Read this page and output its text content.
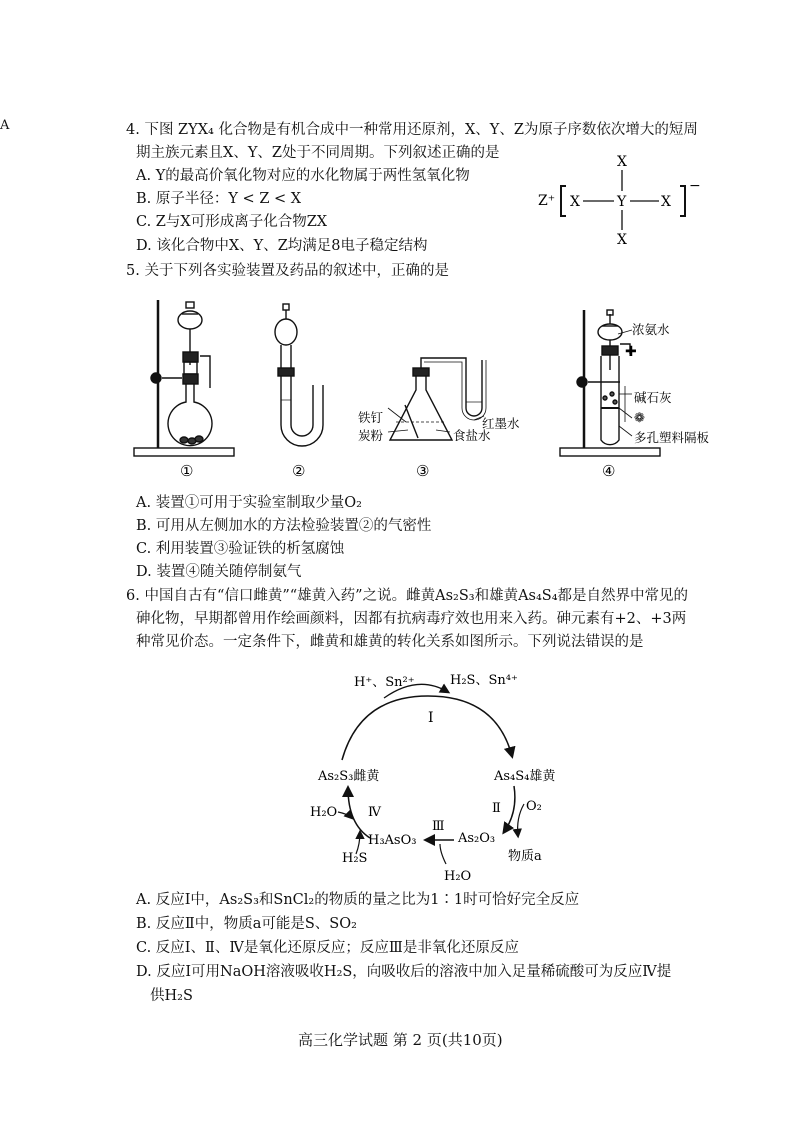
A	4. 下图 ZYX₄ 化合物是有机合成中一种常用还原剂，X、Y、Z为原子序数依次增大的短周
期主族元素且X、Y、Z处于不同周期。下列叙述正确的是
A. Y的最高价氧化物对应的水化物属于两性氢氧化物
B. 原子半径：Y < Z < X
C. Z与X可形成离子化合物ZX
D. 该化合物中X、Y、Z均满足8电子稳定结构
Z⁺
−
X
X	Y X
X
5. 关于下列各实验装置及药品的叙述中，正确的是
①	②
铁钉
炭粉	食盐水
红墨水
③
✚
❁
浓氨水
碱石灰
多孔塑料隔板
④
A. 装置①可用于实验室制取少量O₂
B. 可用从左侧加水的方法检验装置②的气密性
C. 利用装置③验证铁的析氢腐蚀
D. 装置④随关随停制氨气
6. 中国自古有“信口雌黄”“雄黄入药”之说。雌黄As₂S₃和雄黄As₄S₄都是自然界中常见的
砷化物，早期都曾用作绘画颜料，因都有抗病毒疗效也用来入药。砷元素有+2、+3两
种常见价态。一定条件下，雌黄和雄黄的转化关系如图所示。下列说法错误的是
H⁺、Sn²⁺	H₂S、Sn⁴⁺
Ⅰ
As₂S₃雌黄	As₄S₄雄黄
Ⅱ O₂
As₂O₃
物质a
Ⅲ
H₃AsO₃
H₂O
Ⅳ
H₂O
H₂S
A. 反应Ⅰ中，As₂S₃和SnCl₂的物质的量之比为1∶1时可恰好完全反应
B. 反应Ⅱ中，物质a可能是S、SO₂
C. 反应Ⅰ、Ⅱ、Ⅳ是氧化还原反应；反应Ⅲ是非氧化还原反应
D. 反应Ⅰ可用NaOH溶液吸收H₂S，向吸收后的溶液中加入足量稀硫酸可为反应Ⅳ提
供H₂S
高三化学试题 第 2 页(共10页)
